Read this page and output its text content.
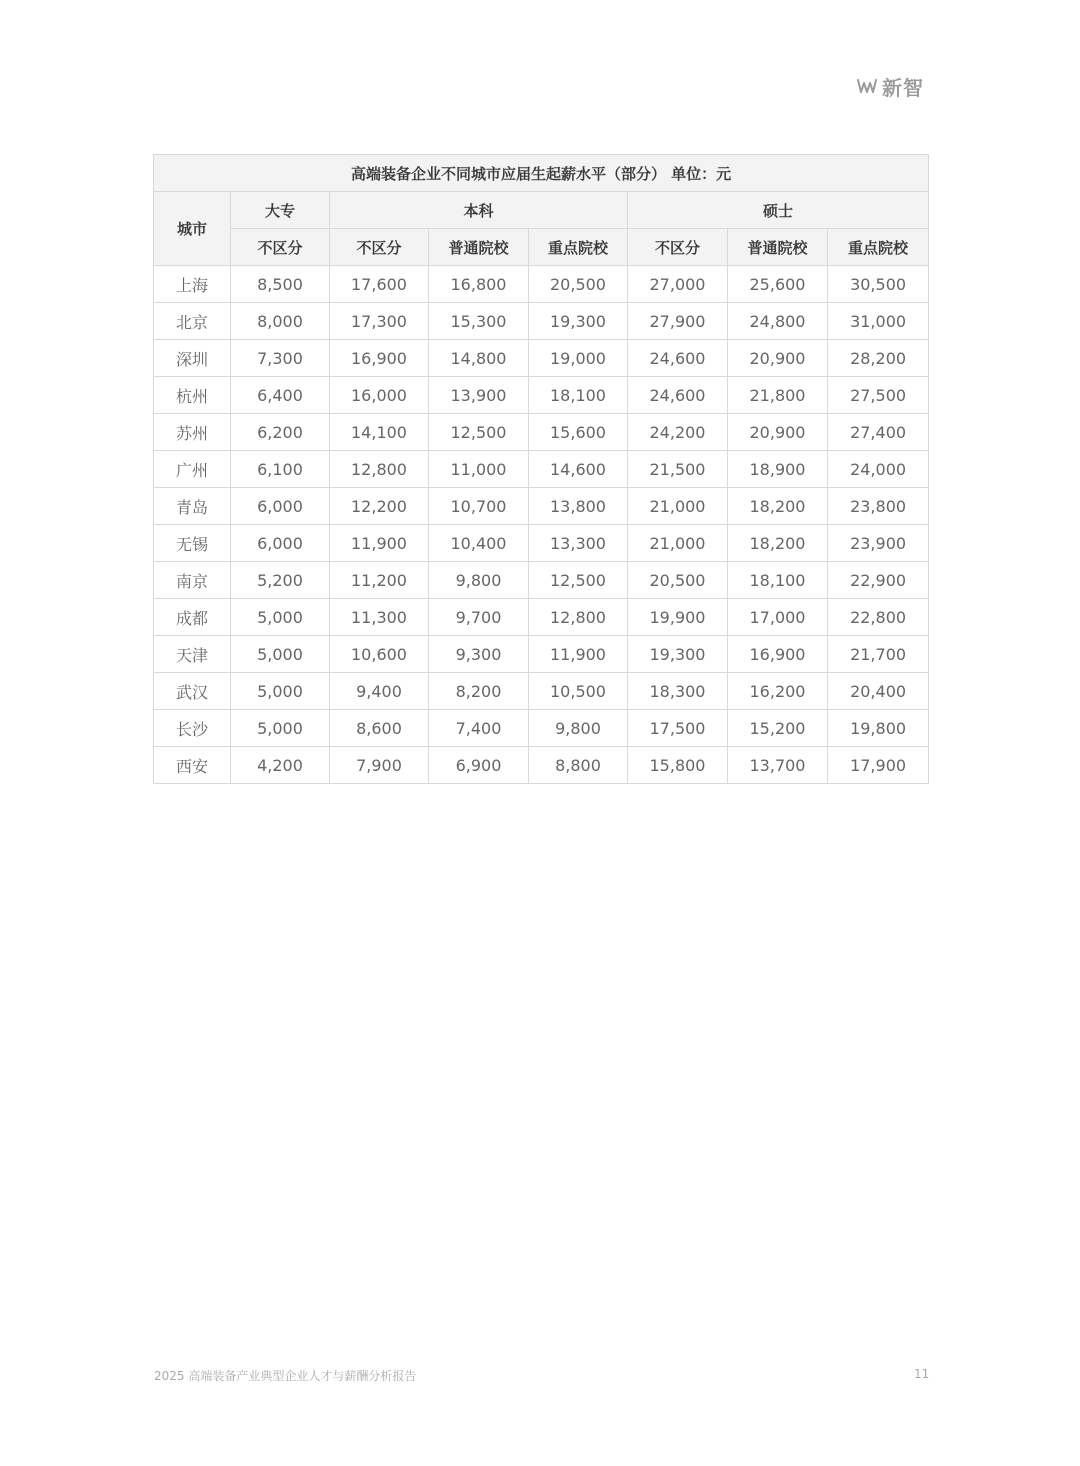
新智
高端装备企业不同城市应届生起薪水平（部分） 单位：元							
城市	大专	本科			硕士		
	不区分	不区分	普通院校	重点院校	不区分	普通院校	重点院校
上海	8,500	17,600	16,800	20,500	27,000	25,600	30,500
北京	8,000	17,300	15,300	19,300	27,900	24,800	31,000
深圳	7,300	16,900	14,800	19,000	24,600	20,900	28,200
杭州	6,400	16,000	13,900	18,100	24,600	21,800	27,500
苏州	6,200	14,100	12,500	15,600	24,200	20,900	27,400
广州	6,100	12,800	11,000	14,600	21,500	18,900	24,000
青岛	6,000	12,200	10,700	13,800	21,000	18,200	23,800
无锡	6,000	11,900	10,400	13,300	21,000	18,200	23,900
南京	5,200	11,200	9,800	12,500	20,500	18,100	22,900
成都	5,000	11,300	9,700	12,800	19,900	17,000	22,800
天津	5,000	10,600	9,300	11,900	19,300	16,900	21,700
武汉	5,000	9,400	8,200	10,500	18,300	16,200	20,400
长沙	5,000	8,600	7,400	9,800	17,500	15,200	19,800
西安	4,200	7,900	6,900	8,800	15,800	13,700	17,900
2025 高端装备产业典型企业人才与薪酬分析报告	11
